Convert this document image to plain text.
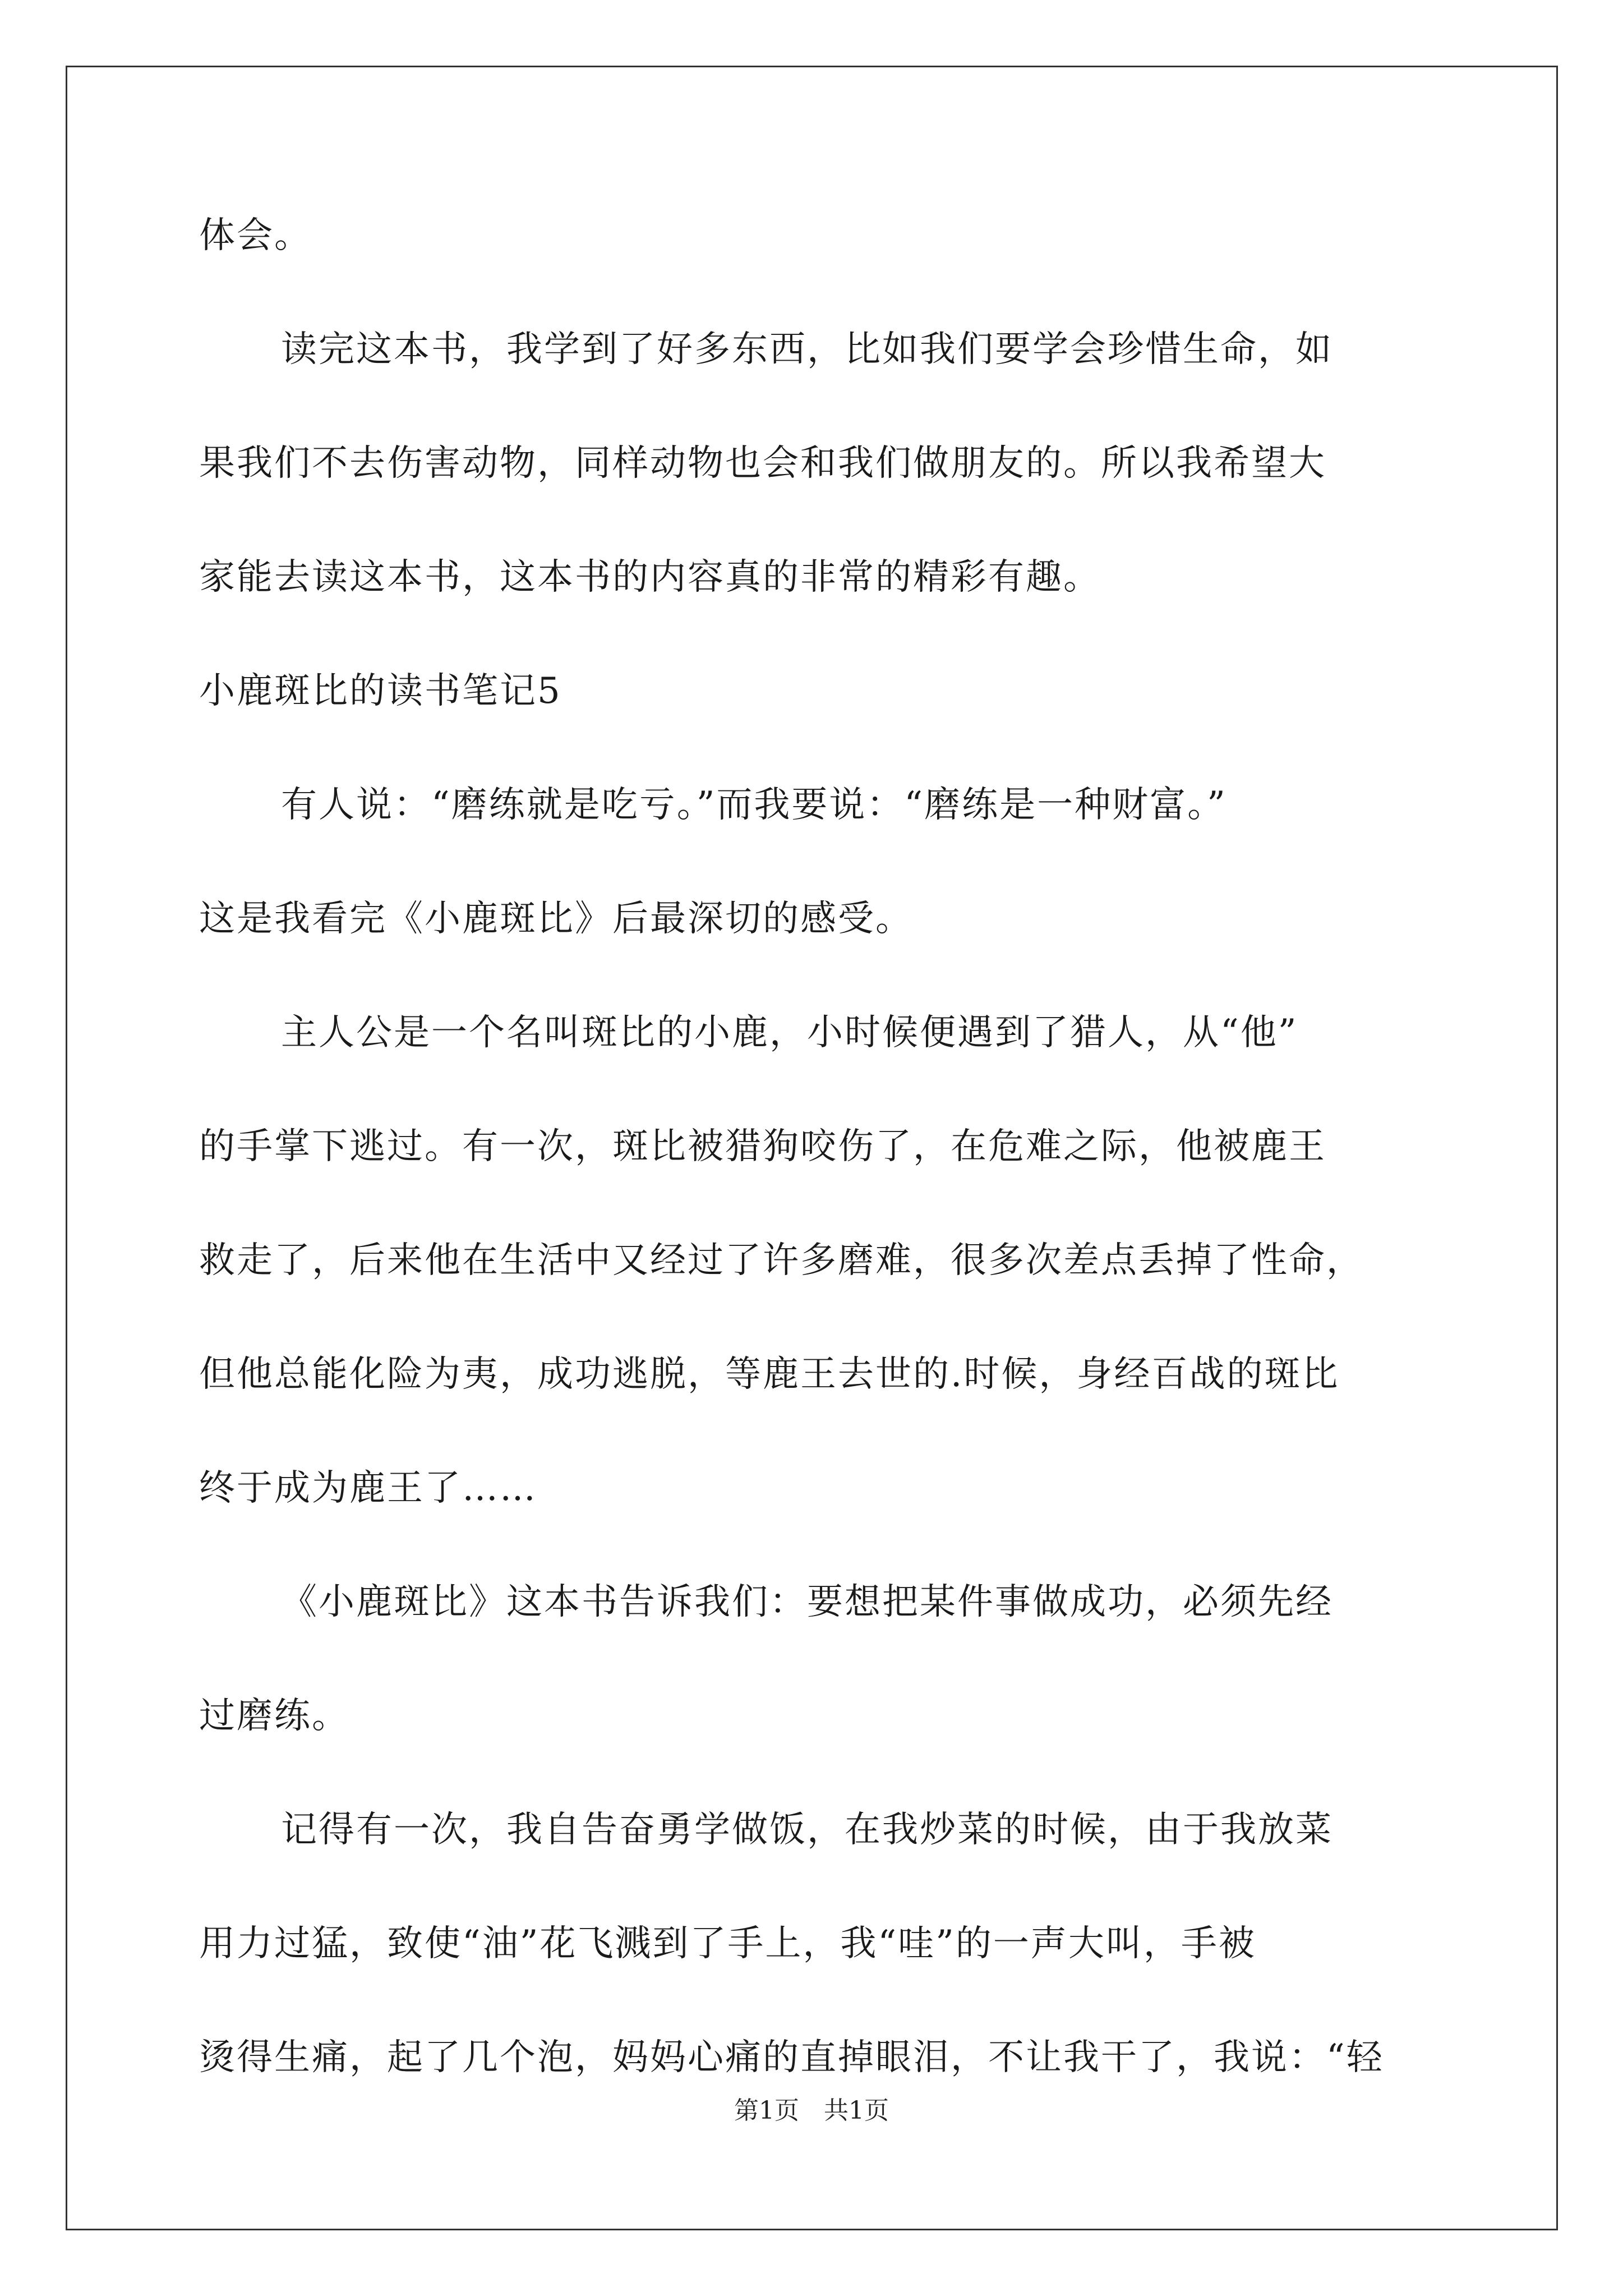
体会。
读完这本书，我学到了好多东西，比如我们要学会珍惜生命，如
果我们不去伤害动物，同样动物也会和我们做朋友的。所以我希望大
家能去读这本书，这本书的内容真的非常的精彩有趣。
小鹿斑比的读书笔记5
有人说：“磨练就是吃亏。”而我要说：“磨练是一种财富。”
这是我看完《小鹿斑比》后最深切的感受。
主人公是一个名叫斑比的小鹿，小时候便遇到了猎人，从“他”
的手掌下逃过。有一次，斑比被猎狗咬伤了，在危难之际，他被鹿王
救走了，后来他在生活中又经过了许多磨难，很多次差点丢掉了性命，
但他总能化险为夷，成功逃脱，等鹿王去世的.时候，身经百战的斑比
终于成为鹿王了……
《小鹿斑比》这本书告诉我们：要想把某件事做成功，必须先经
过磨练。
记得有一次，我自告奋勇学做饭，在我炒菜的时候，由于我放菜
用力过猛，致使“油”花飞溅到了手上，我“哇”的一声大叫，手被
烫得生痛，起了几个泡，妈妈心痛的直掉眼泪，不让我干了，我说：“轻
第1页　共1页
